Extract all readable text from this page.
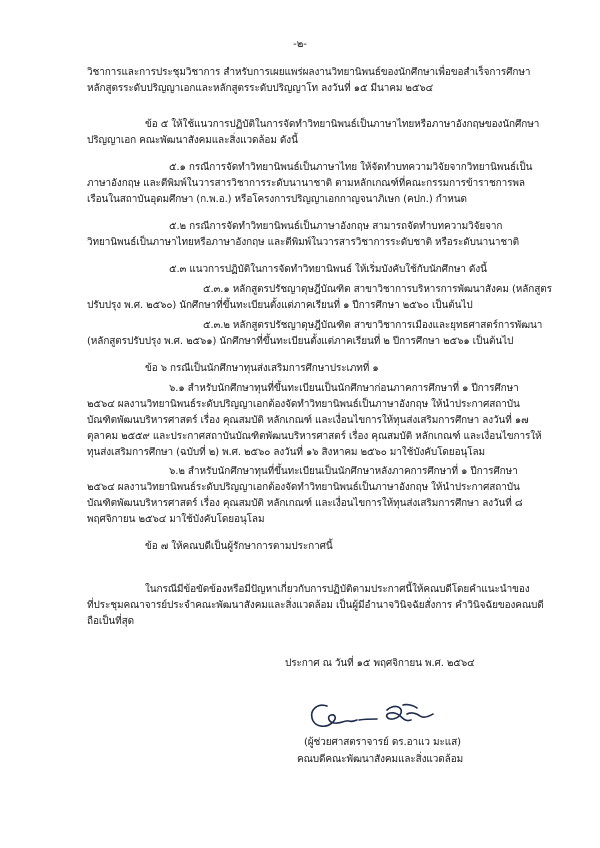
-๒-
วิชาการและการประชุมวิชาการ สำหรับการเผยแพร่ผลงานวิทยานิพนธ์ของนักศึกษาเพื่อขอสำเร็จการศึกษา
หลักสูตรระดับปริญญาเอกและหลักสูตรระดับปริญญาโท ลงวันที่ ๑๕ มีนาคม ๒๕๖๔
ข้อ ๕ ให้ใช้แนวการปฏิบัติในการจัดทำวิทยานิพนธ์เป็นภาษาไทยหรือภาษาอังกฤษของนักศึกษา
ปริญญาเอก คณะพัฒนาสังคมและสิ่งแวดล้อม ดังนี้
๕.๑ กรณีการจัดทำวิทยานิพนธ์เป็นภาษาไทย ให้จัดทำบทความวิจัยจากวิทยานิพนธ์เป็น
ภาษาอังกฤษ และตีพิมพ์ในวารสารวิชาการระดับนานาชาติ ตามหลักเกณฑ์ที่คณะกรรมการข้าราชการพล
เรือนในสถาบันอุดมศึกษา (ก.พ.อ.) หรือโครงการปริญญาเอกกาญจนาภิเษก (คปก.) กำหนด
๕.๒ กรณีการจัดทำวิทยานิพนธ์เป็นภาษาอังกฤษ สามารถจัดทำบทความวิจัยจาก
วิทยานิพนธ์เป็นภาษาไทยหรือภาษาอังกฤษ และตีพิมพ์ในวารสารวิชาการระดับชาติ หรือระดับนานาชาติ
๕.๓ แนวการปฏิบัติในการจัดทำวิทยานิพนธ์ ให้เริ่มบังคับใช้กับนักศึกษา ดังนี้
๕.๓.๑ หลักสูตรปรัชญาดุษฎีบัณฑิต สาขาวิชาการบริหารการพัฒนาสังคม (หลักสูตร
ปรับปรุง พ.ศ. ๒๕๖๐) นักศึกษาที่ขึ้นทะเบียนตั้งแต่ภาคเรียนที่ ๑ ปีการศึกษา ๒๕๖๐ เป็นต้นไป
๕.๓.๒ หลักสูตรปรัชญาดุษฎีบัณฑิต สาขาวิชาการเมืองและยุทธศาสตร์การพัฒนา
(หลักสูตรปรับปรุง พ.ศ. ๒๕๖๑) นักศึกษาที่ขึ้นทะเบียนตั้งแต่ภาคเรียนที่ ๒ ปีการศึกษา ๒๕๖๑ เป็นต้นไป
ข้อ ๖ กรณีเป็นนักศึกษาทุนส่งเสริมการศึกษาประเภทที่ ๑
๖.๑ สำหรับนักศึกษาทุนที่ขึ้นทะเบียนเป็นนักศึกษาก่อนภาคการศึกษาที่ ๑ ปีการศึกษา
๒๕๖๔ ผลงานวิทยานิพนธ์ระดับปริญญาเอกต้องจัดทำวิทยานิพนธ์เป็นภาษาอังกฤษ ให้นำประกาศสถาบัน
บัณฑิตพัฒนบริหารศาสตร์ เรื่อง คุณสมบัติ หลักเกณฑ์ และเงื่อนไขการให้ทุนส่งเสริมการศึกษา ลงวันที่ ๑๗
ตุลาคม ๒๕๕๙ และประกาศสถาบันบัณฑิตพัฒนบริหารศาสตร์ เรื่อง คุณสมบัติ หลักเกณฑ์ และเงื่อนไขการให้
ทุนส่งเสริมการศึกษา (ฉบับที่ ๒) พ.ศ. ๒๕๖๐ ลงวันที่ ๑๖ สิงหาคม ๒๕๖๐ มาใช้บังคับโดยอนุโลม
๖.๒ สำหรับนักศึกษาทุนที่ขึ้นทะเบียนเป็นนักศึกษาหลังภาคการศึกษาที่ ๑ ปีการศึกษา
๒๕๖๔ ผลงานวิทยานิพนธ์ระดับปริญญาเอกต้องจัดทำวิทยานิพนธ์เป็นภาษาอังกฤษ ให้นำประกาศสถาบัน
บัณฑิตพัฒนบริหารศาสตร์ เรื่อง คุณสมบัติ หลักเกณฑ์ และเงื่อนไขการให้ทุนส่งเสริมการศึกษา ลงวันที่ ๘
พฤศจิกายน ๒๕๖๔ มาใช้บังคับโดยอนุโลม
ข้อ ๗ ให้คณบดีเป็นผู้รักษาการตามประกาศนี้
ในกรณีมีข้อขัดข้องหรือมีปัญหาเกี่ยวกับการปฏิบัติตามประกาศนี้ให้คณบดีโดยคำแนะนำของ
ที่ประชุมคณาจารย์ประจำคณะพัฒนาสังคมและสิ่งแวดล้อม เป็นผู้มีอำนาจวินิจฉัยสั่งการ คำวินิจฉัยของคณบดี
ถือเป็นที่สุด
ประกาศ ณ วันที่ ๑๕ พฤศจิกายน พ.ศ. ๒๕๖๔
(ผู้ช่วยศาสตราจารย์ ดร.อาแว มะแส)
คณบดีคณะพัฒนาสังคมและสิ่งแวดล้อม
